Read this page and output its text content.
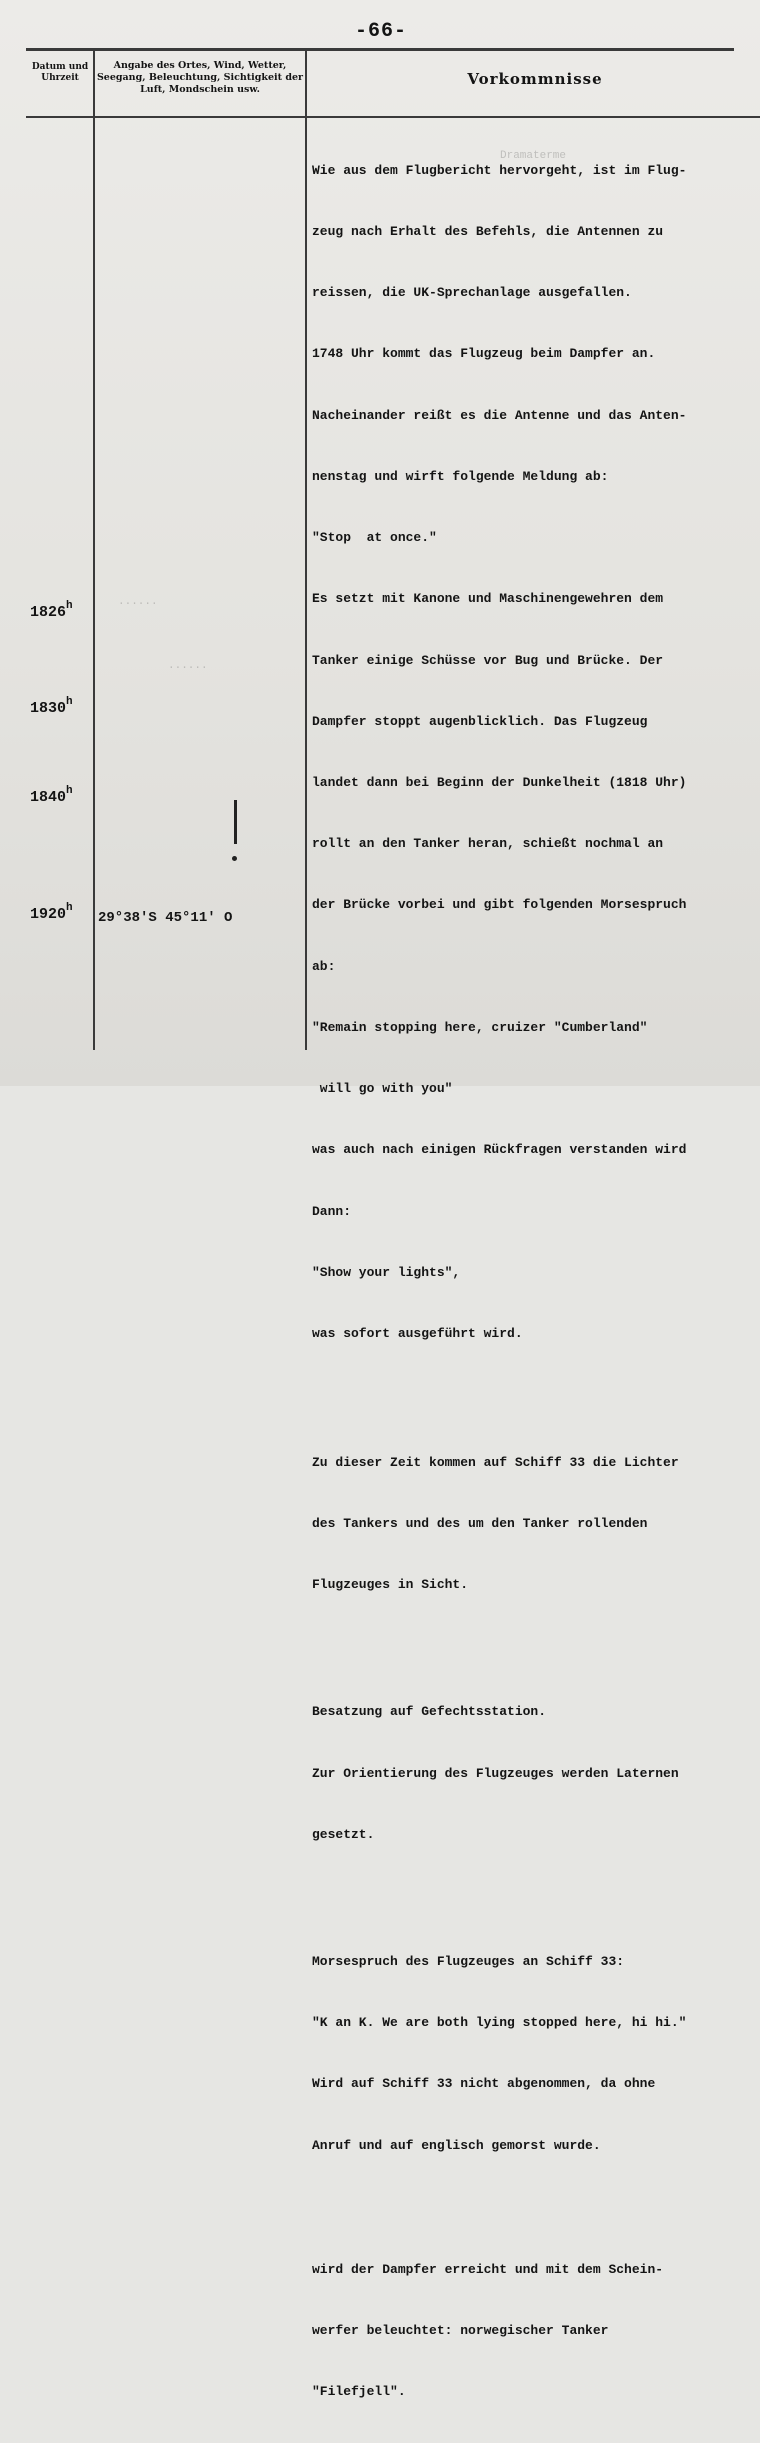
-66-
Datum und Uhrzeit
Angabe des Ortes, Wind, Wetter, Seegang, Beleuchtung, Sichtigkeit der Luft, Mondschein usw.
Vorkommnisse
Dramaterme
......
......
1826$^h$
1830$^h$
1840$^h$
1920$^h$
29°38'S 45°11' O

Wie aus dem Flugbericht hervorgeht, ist im Flug-

zeug nach Erhalt des Befehls, die Antennen zu

reissen, die UK-Sprechanlage ausgefallen.

1748 Uhr kommt das Flugzeug beim Dampfer an.

Nacheinander reißt es die Antenne und das Anten-

nenstag und wirft folgende Meldung ab:

"Stop  at once."

Es setzt mit Kanone und Maschinengewehren dem

Tanker einige Schüsse vor Bug und Brücke. Der

Dampfer stoppt augenblicklich. Das Flugzeug

landet dann bei Beginn der Dunkelheit (1818 Uhr)

rollt an den Tanker heran, schießt nochmal an

der Brücke vorbei und gibt folgenden Morsespruch

ab:

"Remain stopping here, cruizer "Cumberland"

will go with you"

was auch nach einigen Rückfragen verstanden wird

Dann:

"Show your lights",

was sofort ausgeführt wird.

Zu dieser Zeit kommen auf Schiff 33 die Lichter

des Tankers und des um den Tanker rollenden

Flugzeuges in Sicht.

Besatzung auf Gefechtsstation.

Zur Orientierung des Flugzeuges werden Laternen

gesetzt.

Morsespruch des Flugzeuges an Schiff 33:

"K an K. We are both lying stopped here, hi hi."

Wird auf Schiff 33 nicht abgenommen, da ohne

Anruf und auf englisch gemorst wurde.

wird der Dampfer erreicht und mit dem Schein-

werfer beleuchtet: norwegischer Tanker

"Filefjell".
